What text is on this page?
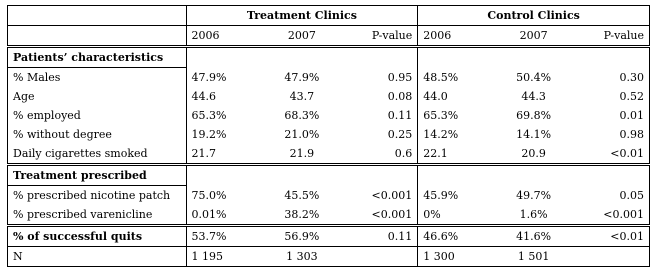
	Treatment Clinics			Control Clinics		
	2006	2007	P-value	2006	2007	P-value
Patients’ characteristics						
% Males	47.9%	47.9%	0.95	48.5%	50.4%	0.30
Age	44.6	43.7	0.08	44.0	44.3	0.52
% employed	65.3%	68.3%	0.11	65.3%	69.8%	0.01
% without degree	19.2%	21.0%	0.25	14.2%	14.1%	0.98
Daily cigarettes smoked	21.7	21.9	0.6	22.1	20.9	<0.01
Treatment prescribed						
% prescribed nicotine patch	75.0%	45.5%	<0.001	45.9%	49.7%	0.05
% prescribed varenicline	0.01%	38.2%	<0.001	0%	1.6%	<0.001
% of successful quits	53.7%	56.9%	0.11	46.6%	41.6%	<0.01
N	1 195	1 303		1 300	1 501	
